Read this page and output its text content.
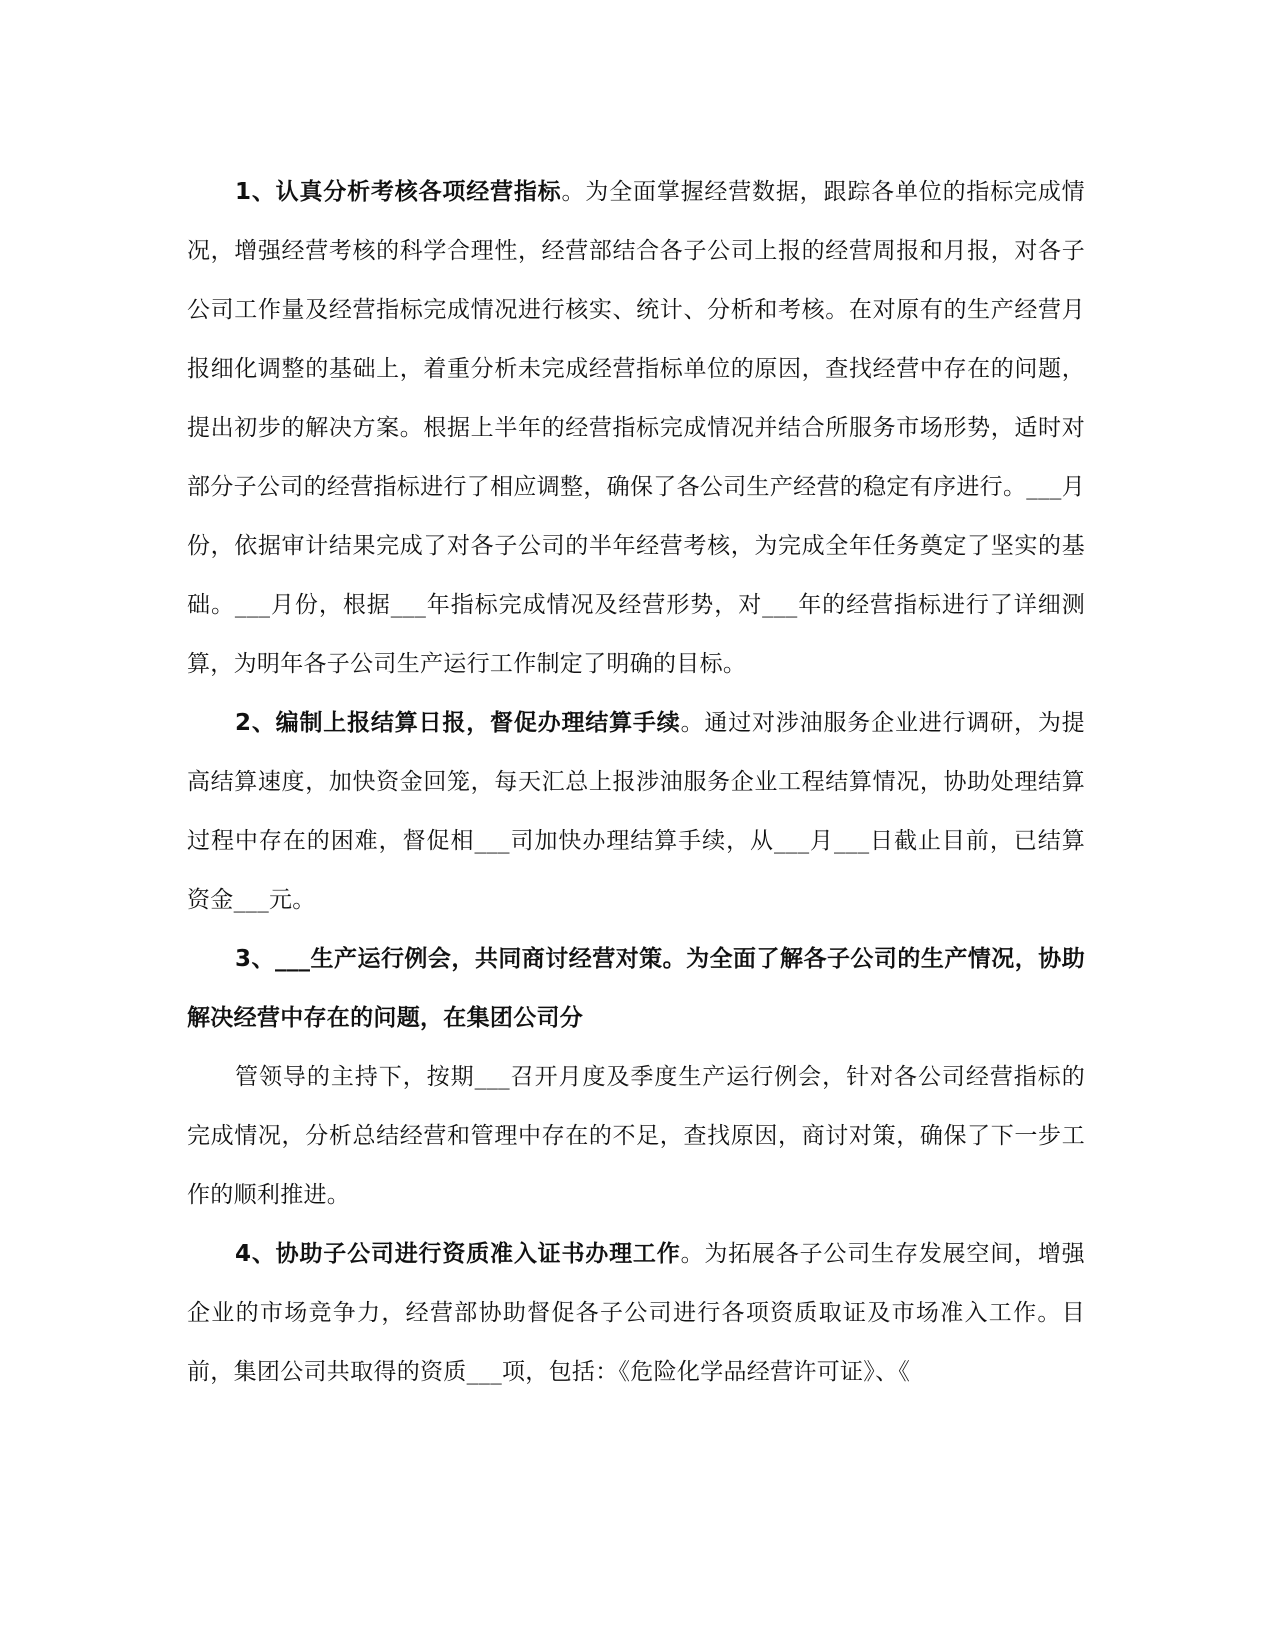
1、认真分析考核各项经营指标。为全面掌握经营数据，跟踪各单位的指标完成情况，增强经营考核的科学合理性，经营部结合各子公司上报的经营周报和月报，对各子公司工作量及经营指标完成情况进行核实、统计、分析和考核。在对原有的生产经营月报细化调整的基础上，着重分析未完成经营指标单位的原因，查找经营中存在的问题，提出初步的解决方案。根据上半年的经营指标完成情况并结合所服务市场形势，适时对部分子公司的经营指标进行了相应调整，确保了各公司生产经营的稳定有序进行。___月份，依据审计结果完成了对各子公司的半年经营考核，为完成全年任务奠定了坚实的基础。___月份，根据___年指标完成情况及经营形势，对___年的经营指标进行了详细测算，为明年各子公司生产运行工作制定了明确的目标。

2、编制上报结算日报，督促办理结算手续。通过对涉油服务企业进行调研，为提高结算速度，加快资金回笼，每天汇总上报涉油服务企业工程结算情况，协助处理结算过程中存在的困难，督促相___司加快办理结算手续，从___月___日截止目前，已结算资金___元。

3、___生产运行例会，共同商讨经营对策。为全面了解各子公司的生产情况，协助解决经营中存在的问题，在集团公司分

管领导的主持下，按期___召开月度及季度生产运行例会，针对各公司经营指标的完成情况，分析总结经营和管理中存在的不足，查找原因，商讨对策，确保了下一步工作的顺利推进。

4、协助子公司进行资质准入证书办理工作。为拓展各子公司生存发展空间，增强企业的市场竞争力，经营部协助督促各子公司进行各项资质取证及市场准入工作。目前，集团公司共取得的资质___项，包括：《危险化学品经营许可证》、《
